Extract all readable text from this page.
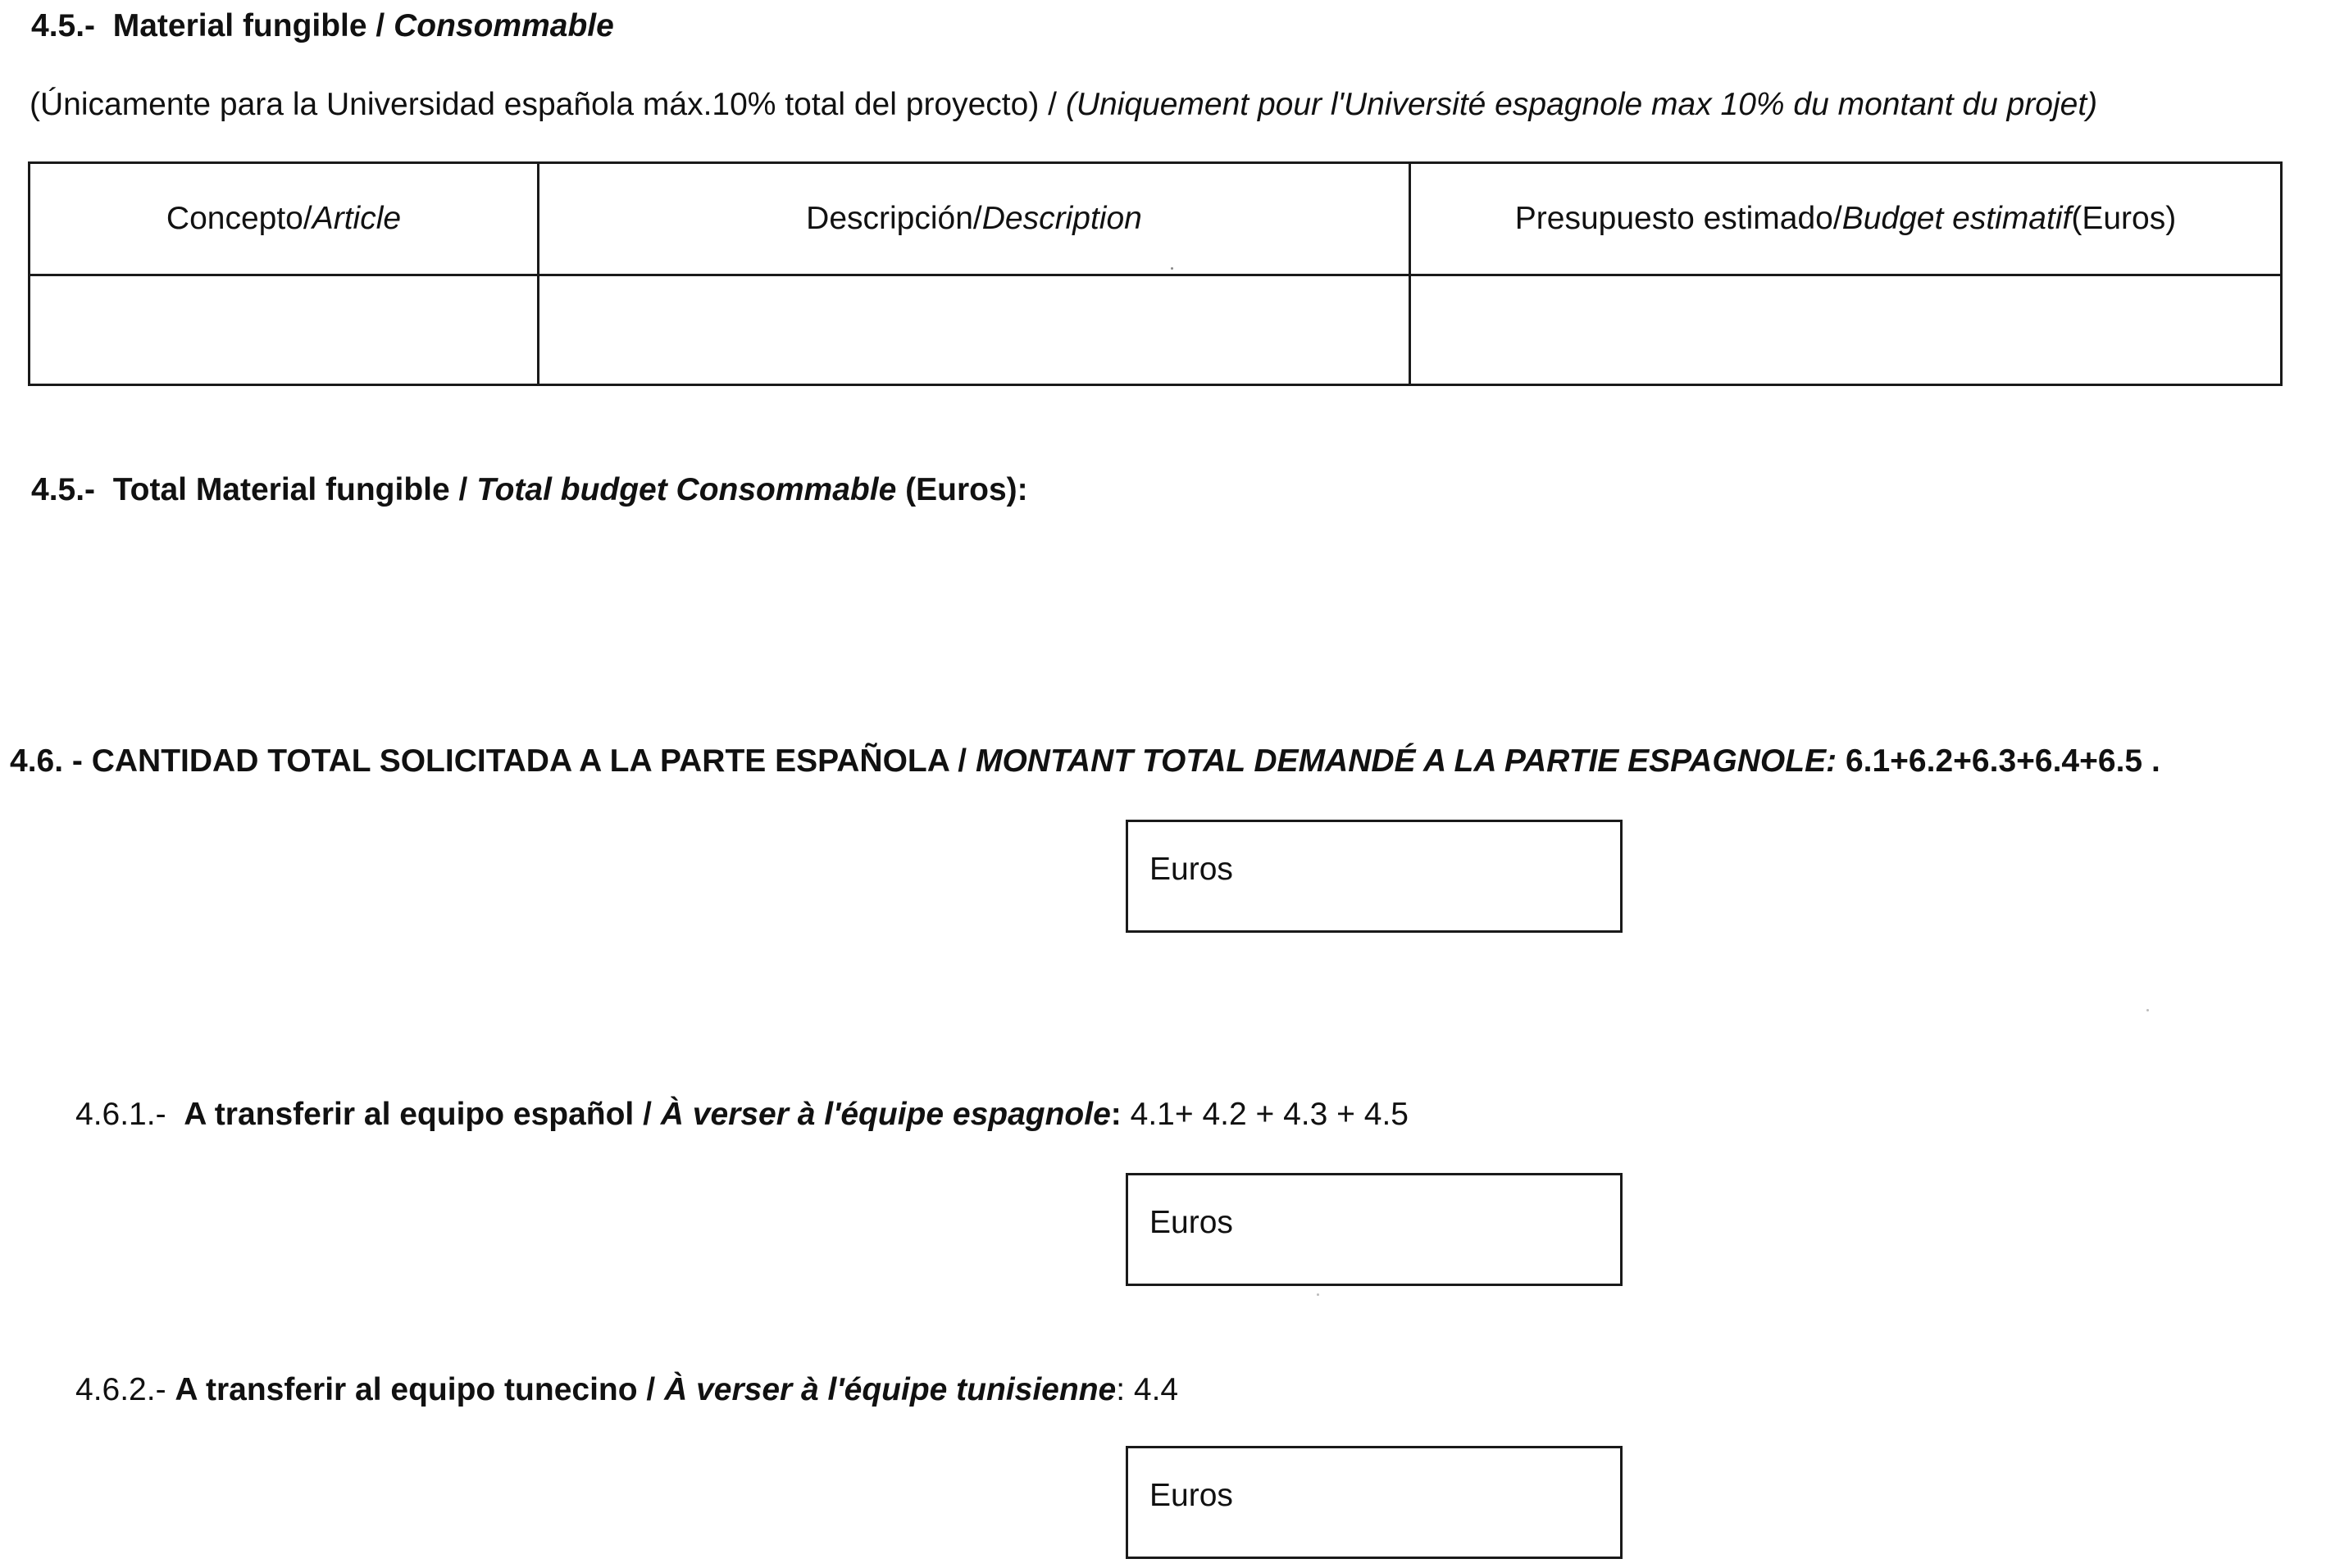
4.5.- Material fungible / Consommable
(Únicamente para la Universidad española máx.10% total del proyecto) / (Uniquement pour l'Université espagnole max 10% du montant du projet)
Concepto / Article	Descripción / Description	Presupuesto estimado / Budget estimatif (Euros)
4.5.- Total Material fungible / Total budget Consommable (Euros):
4.6. - CANTIDAD TOTAL SOLICITADA A LA PARTE ESPAÑOLA / MONTANT TOTAL DEMANDÉ A LA PARTIE ESPAGNOLE: 6.1+6.2+6.3+6.4+6.5 .
Euros
4.6.1.- A transferir al equipo español / À verser à l'équipe espagnole: 4.1+ 4.2 + 4.3 + 4.5
Euros
4.6.2.- A transferir al equipo tunecino / À verser à l'équipe tunisienne: 4.4
Euros
